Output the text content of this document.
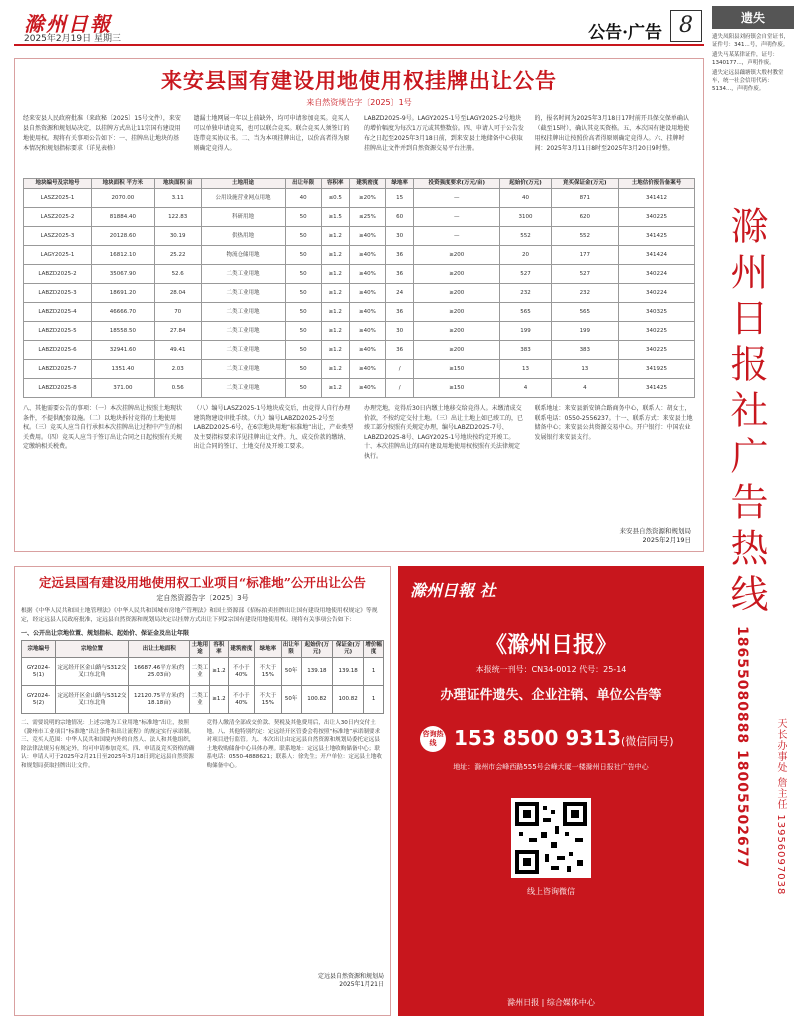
滁州日報
2025年2月19日 星期三	公告·广告 8
来安县国有建设用地使用权挂牌出让公告
来自然资规告字〔2025〕1号
经来安县人民政府批准（来政秘〔2025〕15号文件），来安县自然资源和规划局决定，以挂牌方式出让11宗国有建设用地使用权。现将有关事项公告如下：一、挂牌出让地块的基本情况和规划指标要求（详见表格）
遗漏土地网展一年以上前缺外，均可申请参加竞买。竞买人可以单独申请竞买，也可以联合竞买。联合竞买人须签订的连带竞买协议书。二、当为本项挂牌出让，以价高者得为原则确定竞得人。
LABZD2025-9号。LAGY2025-1号至LAGY2025-2号地块的增价幅度为每次1万元或其整数倍。四、申请人可于公告发布之日起至2025年3月18日前，到来安县土地储备中心获取挂牌出让文件并到自然资源交易平台注册。
的，报名时间为2025年3月18日17时前开具保交保单确认（截至15时），确认其竞买资格。五、本次国有建设用地使用权挂牌出让按照价高者得原则确定竞得人。六、挂牌时间：2025年3月11日8时至2025年3月20日9时整。
地块编号及宗地号	地块面积 平方米	地块面积 亩	土地用途	出让年限	容积率	建筑密度	绿地率	投资强度要求(万元/亩)	起始价(万元)	竞买保证金(万元)	土地估价报告备案号
LASZ2025-1	2070.00	3.11	公用设施营业网点用地	40	≤0.5	≥20%	15	—	40	871	341412
LASZ2025-2	81884.40	122.83	科研用地	50	≥1.5	≤25%	60	—	3100	620	340225
LASZ2025-3	20128.60	30.19	供热用地	50	≥1.2	≥40%	30	—	552	552	341425
LAGY2025-1	16812.10	25.22	物流仓储用地	50	≥1.2	≥40%	36	≥200	20	177	341424
LABZD2025-2	35067.90	52.6	二类工业用地	50	≥1.2	≥40%	36	≥200	527	527	340224
LABZD2025-3	18691.20	28.04	二类工业用地	50	≥1.2	≥40%	24	≥200	232	232	340224
LABZD2025-4	46666.70	70	二类工业用地	50	≥1.2	≥40%	36	≥200	565	565	340325
LABZD2025-5	18558.50	27.84	二类工业用地	50	≥1.2	≥40%	30	≥200	199	199	340225
LABZD2025-6	32941.60	49.41	二类工业用地	50	≥1.2	≥40%	36	≥200	383	383	340225
LABZD2025-7	1351.40	2.03	二类工业用地	50	≥1.2	≥40%	/	≥150	13	13	341925
LABZD2025-8	371.00	0.56	二类工业用地	50	≥1.2	≥40%	/	≥150	4	4	341425
八、其他需要公告的事项：（一）本次挂牌出让按照土地现状条件，不提供配套设施。（二）以地块拆付竞得的土地使用权。（三）竞买人应当自行承担本次挂牌出让过程中产生的相关费用。（四）竞买人应当于签订出让合同之日起按照有关规定缴纳相关税费。
（八）编号LASZ2025-1号地块成交后，由竞得人自行办理建筑物建设审批手续。（九）编号LABZD2025-2号至LABZD2025-6号，在6宗地块用地“标准地”出让，产业类型及主要指标要求详见挂牌出让文件。九、成交价款的缴纳、出让合同的签订、土地交付及开竣工要求。
办理完地，竞得后30日内缴土地移交给竞得人。未缴清成交价款，不按约定交付土地。（三）出让土地上如已竣工的，已竣工部分按照有关规定办理，编号LABZD2025-7号、LABZD2025-8号、LAGY2025-1号地块按约定开竣工。十、本次挂牌出让的国有建设用地使用权按照有关法律规定执行。
联系地址：来安县新安镇合路商务中心，联系人：胡女士，联系电话：0550-2556237。十一、联系方式：来安县土地储备中心；来安县公共资源交易中心。开户银行：中国农业发展银行来安县支行。
来安县自然资源和规划局
2025年2月19日
定远县国有建设用地使用权工业项目“标准地”公开出让公告
定自然资源告字〔2025〕3号
根据《中华人民共和国土地管理法》《中华人民共和国城市房地产管理法》和国土资源部《招标拍卖挂牌出让国有建设用地使用权规定》等规定，经定远县人民政府批准，定远县自然资源和规划局决定以挂牌方式出让下列2宗国有建设用地使用权。现将有关事项公告如下：
一、公开出让宗地位置、规划指标、起始价、保证金及出让年限
宗地编号	宗地位置	出让土地面积	土地用途	容积率	建筑密度	绿地率	出让年限	起始价(万元)	保证金(万元)	增价幅度
GY2024-5(1)	定远经开区金山路与S312交叉口东北角	16687.46平方米(约25.03亩)	二类工业	≥1.2	不小于40%	不大于15%	50年	139.18	139.18	1
GY2024-5(2)	定远经开区金山路与S312交叉口东北角	12120.75平方米(约18.18亩)	二类工业	≥1.2	不小于40%	不大于15%	50年	100.82	100.82	1
二、需要说明的宗地情况：上述宗地为工业用地“标准地”出让，按照《滁州市工业项目“标准地”出让条件和出让流程》的规定实行承诺制。三、竞买人范围：中华人民共和国境内外的自然人、法人和其他组织，除法律法规另有规定外，均可申请参加竞买。四、申请及竞买资格的确认：申请人可于2025年2月21日至2025年3月18日到定远县自然资源和规划局获取挂牌出让文件。
竞得人缴清全部成交价款、契税及其他费用后，出让人30日内交付土地。八、其他特别约定：定远经开区管委会将按照“标准地”承诺制要求对项目进行监管。九、本次出让由定远县自然资源和规划局委托定远县土地收购储备中心具体办理。联系地址：定远县土地收购储备中心；联系电话：0550-4888621；联系人：徐先生；开户单位：定远县土地收购储备中心。
定远县自然资源和规划局
2025年1月21日
滁州日報 社
《滁州日报》
本报统一刊号：CN34-0012 代号：25-14
办理证件遗失、企业注销、单位公告等
咨询热线 153 8500 9313(微信同号)
地址：滁州市会峰西路555号会峰大厦一楼滁州日报社广告中心
线上咨询微信
滁州日报 | 综合媒体中心
遗失

遗失凤阳县刘府镇会自堂证书，证件号：341...号，声明作废。

遗失马某某律证件，证号：1340177...，声明作废。

遗失定远县藕塘镇大殷村教堂车，统一社会信用代码：5134...，声明作废。

滁州日报社广告热线
18655080888 18005502677	天长办事处 詹主任 13956097038
